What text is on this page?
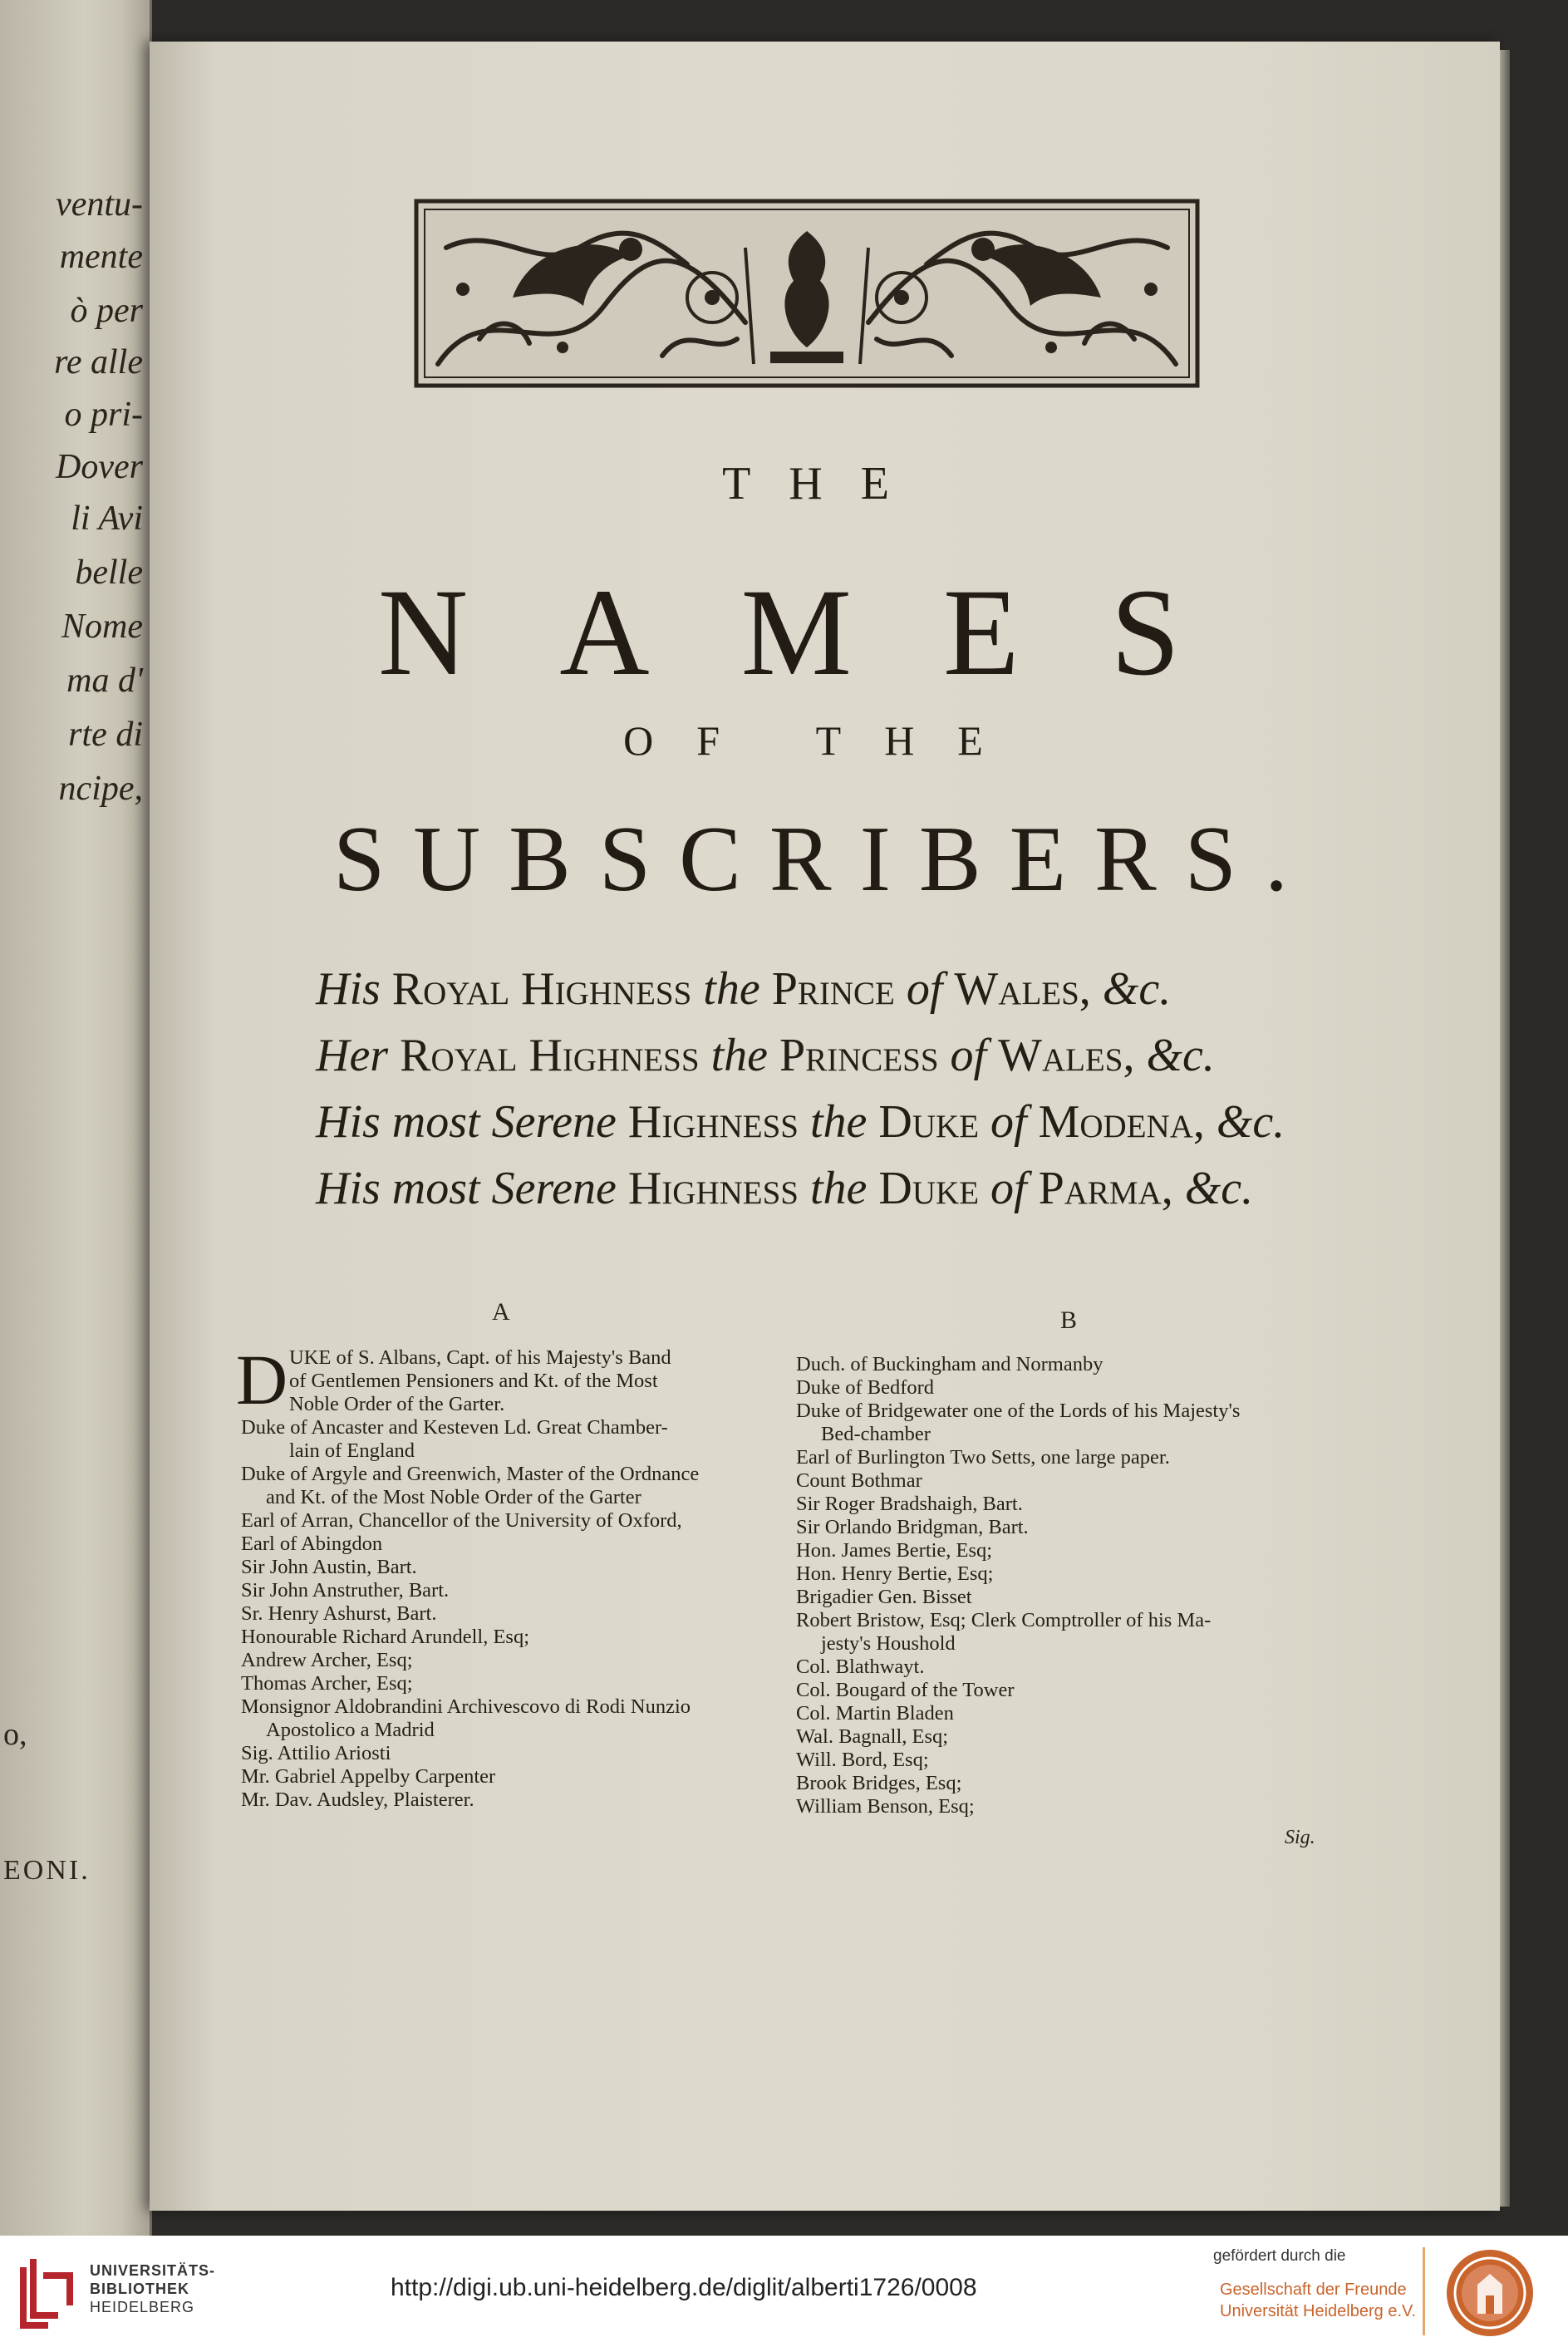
ventu-
mente
ò per
re alle
o pri-
Dover
li Avi
belle
Nome
ma d'
rte di
ncipe,
o,
EONI.
THE
NAMES
OF THE
SUBSCRIBERS.
His Royal Highness the Prince of Wales, &c.
Her Royal Highness the Princess of Wales, &c.
His most Serene Highness the Duke of Modena, &c.
His most Serene Highness the Duke of Parma, &c.
A	B
D UKE of S. Albans, Capt. of his Majesty's Band
of Gentlemen Pensioners and Kt. of the Most
Noble Order of the Garter.
Duke of Ancaster and Kesteven Ld. Great Chamber-
lain of England
Duke of Argyle and Greenwich, Master of the Ordnance
and Kt. of the Most Noble Order of the Garter
Earl of Arran, Chancellor of the University of Oxford,
Earl of Abingdon
Sir John Austin, Bart.
Sir John Anstruther, Bart.
Sr. Henry Ashurst, Bart.
Honourable Richard Arundell, Esq;
Andrew Archer, Esq;
Thomas Archer, Esq;
Monsignor Aldobrandini Archivescovo di Rodi Nunzio
Apostolico a Madrid
Sig. Attilio Ariosti
Mr. Gabriel Appelby Carpenter
Mr. Dav. Audsley, Plaisterer.
Duch. of Buckingham and Normanby
Duke of Bedford
Duke of Bridgewater one of the Lords of his Majesty's
Bed-chamber
Earl of Burlington Two Setts, one large paper.
Count Bothmar
Sir Roger Bradshaigh, Bart.
Sir Orlando Bridgman, Bart.
Hon. James Bertie, Esq;
Hon. Henry Bertie, Esq;
Brigadier Gen. Bisset
Robert Bristow, Esq; Clerk Comptroller of his Ma-
jesty's Houshold
Col. Blathwayt.
Col. Bougard of the Tower
Col. Martin Bladen
Wal. Bagnall, Esq;
Will. Bord, Esq;
Brook Bridges, Esq;
William Benson, Esq;
Sig.
UNIVERSITÄTS-
BIBLIOTHEK
HEIDELBERG
http://digi.ub.uni-heidelberg.de/diglit/alberti1726/0008
gefördert durch die
Gesellschaft der Freunde
Universität Heidelberg e.V.
